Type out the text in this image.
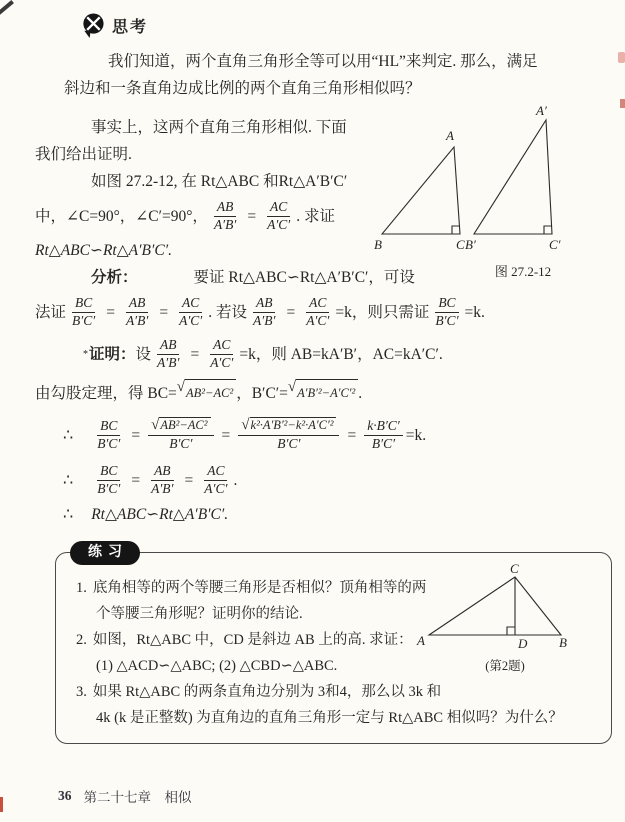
思考
我们知道，两个直角三角形全等可以用“HL”来判定. 那么，满足
斜边和一条直角边成比例的两个直角三角形相似吗？
A
B	C
A′
B′	C′
图 27.2-12
事实上，这两个直角三角形相似. 下面
我们给出证明.
如图 27.2-12, 在 Rt△ABC 和Rt△A′B′C′
中，∠C=90°，∠C′=90°， $\frac{AB}{A'B'} = \frac{AC}{A'C'}$ . 求证
Rt△ABC∽Rt△A′B′C′.
分析：	要证 Rt△ABC∽Rt△A′B′C′，可设
法证 $\frac{BC}{B'C'} = \frac{AB}{A'B'} = \frac{AC}{A'C'}$ . 若设 $\frac{AB}{A'B'} = \frac{AC}{A'C'} =k$，则只需证 $\frac{BC}{B'C'} =k$.
* 证明： 设 $\frac{AB}{A'B'} = \frac{AC}{A'C'} =k$，则 AB=kA′B′，AC=kA′C′.
由勾股定理，得 BC= √ AB²−AC² ，B′C′= √ A′B′²−A′C′² .
∴ $\frac{BC}{B'C'} = \frac{\text{√ AB²−AC²}}{B'C'} = \frac{\text{√ k²·A′B′²−k²·A′C′²}}{B'C'} = \frac{k\cdot B'C'}{B'C'} =k$.
∴ $\frac{BC}{B'C'} = \frac{AB}{A'B'} = \frac{AC}{A'C'}$ .
∴ Rt△ABC∽Rt△A′B′C′.
练习
A	B
C
D
(第2题)
1. 底角相等的两个等腰三角形是否相似？顶角相等的两
个等腰三角形呢？证明你的结论.
2. 如图，Rt△ABC 中，CD 是斜边 AB 上的高. 求证：
(1) △ACD∽△ABC; (2) △CBD∽△ABC.
3. 如果 Rt△ABC 的两条直角边分别为 3和4，那么以 3k 和
4k (k 是正整数) 为直角边的直角三角形一定与 Rt△ABC 相似吗？为什么？
36 第二十七章　相似
